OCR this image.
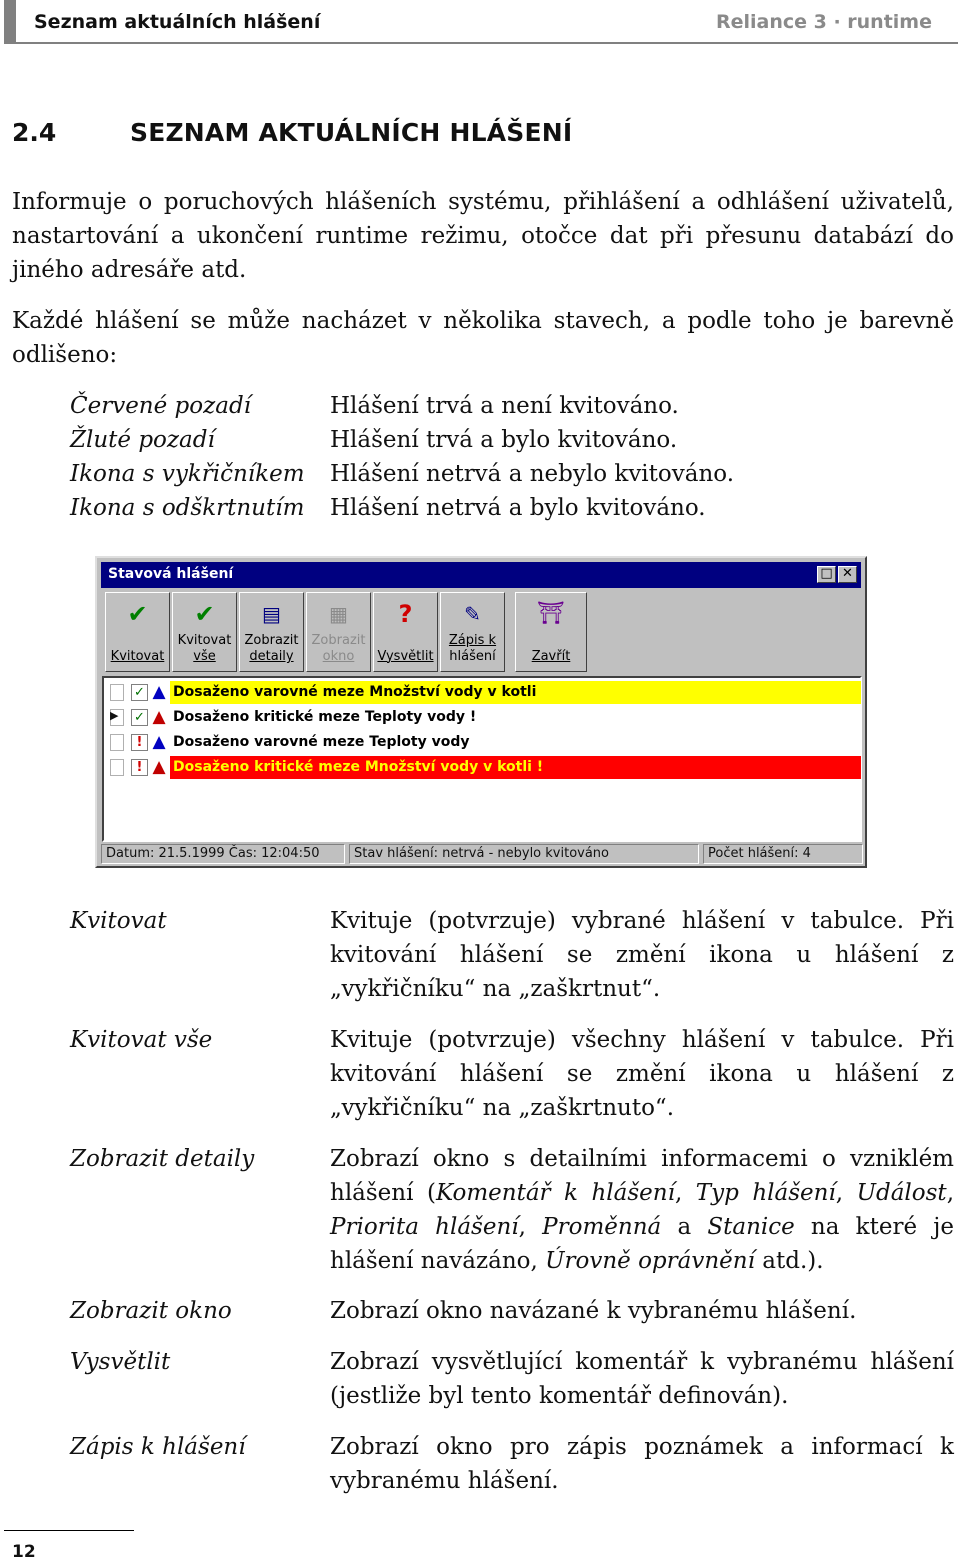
Seznam aktuálních hlášení	Reliance 3 · runtime
2.4	SEZNAM AKTUÁLNÍCH HLÁŠENÍ
Informuje o poruchových hlášeních systému, přihlášení a odhlášení uživatelů, nastartování a ukončení runtime režimu, otočce dat při přesunu databází do jiného adresáře atd.
Každé hlášení se může nacházet v několika stavech, a podle toho je barevně odlišeno:
Červené pozadí	Hlášení trvá a není kvitováno.
Žluté pozadí	Hlášení trvá a bylo kvitováno.
Ikona s vykřičníkem	Hlášení netrvá a nebylo kvitováno.
Ikona s odškrtnutím	Hlášení netrvá a bylo kvitováno.
Stavová hlášení	□ ✕
✔
Kvitovat
✔
Kvitovat
vše
▤
Zobrazit
detaily
▦
Zobrazit
okno
?
Vysvětlit
✎
Zápis k
hlášení
⛩
Zavřít
✓ ▲ Dosaženo varovné meze Množství vody v kotli
▶ ✓ ▲ Dosaženo kritické meze Teploty vody !
! ▲ Dosaženo varovné meze Teploty vody
! ▲ Dosaženo kritické meze Množství vody v kotli !
Datum: 21.5.1999 Čas: 12:04:50	Stav hlášení: netrvá - nebylo kvitováno	Počet hlášení: 4
Kvitovat	Kvituje (potvrzuje) vybrané hlášení v tabulce. Při kvitování hlášení se změní ikona u hlášení z „vykřičníku“ na „zaškrtnut“.
Kvitovat vše	Kvituje (potvrzuje) všechny hlášení v tabulce. Při kvitování hlášení se změní ikona u hlášení z „vykřičníku“ na „zaškrtnuto“.
Zobrazit detaily	Zobrazí okno s detailními informacemi o vzniklém hlášení (Komentář k hlášení, Typ hlášení, Událost, Priorita hlášení, Proměnná a Stanice na které je hlášení navázáno, Úrovně oprávnění atd.).
Zobrazit okno	Zobrazí okno navázané k vybranému hlášení.
Vysvětlit	Zobrazí vysvětlující komentář k vybranému hlášení (jestliže byl tento komentář definován).
Zápis k hlášení	Zobrazí okno pro zápis poznámek a informací k vybranému hlášení.
12
